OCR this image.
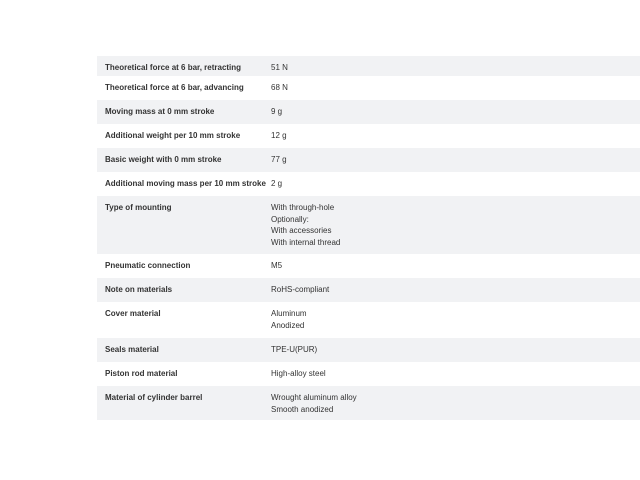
Theoretical force at 6 bar, retracting	51 N
Theoretical force at 6 bar, advancing	68 N
Moving mass at 0 mm stroke	9 g
Additional weight per 10 mm stroke	12 g
Basic weight with 0 mm stroke	77 g
Additional moving mass per 10 mm stroke 2 g
Type of mounting	With through-hole
Optionally:
With accessories
With internal thread
Pneumatic connection	M5
Note on materials	RoHS-compliant
Cover material	Aluminum
Anodized
Seals material	TPE-U(PUR)
Piston rod material	High-alloy steel
Material of cylinder barrel	Wrought aluminum alloy
Smooth anodized
